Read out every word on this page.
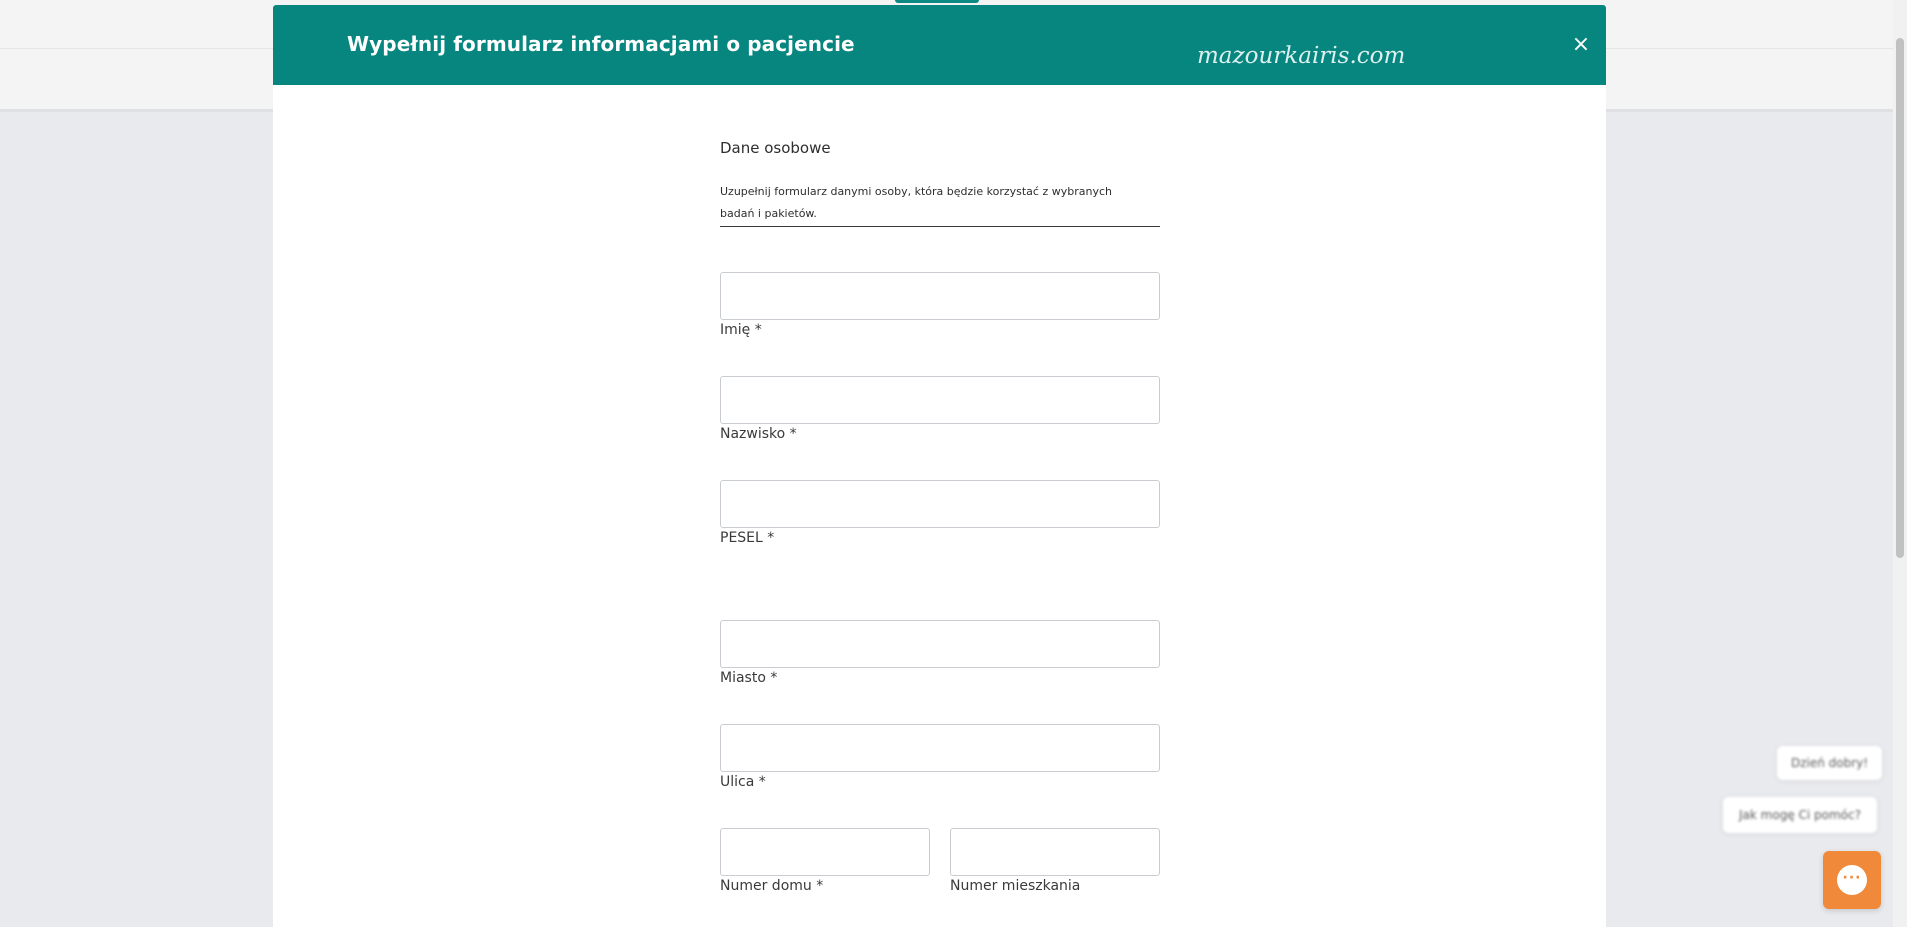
Wypełnij formularz informacjami o pacjencie	mazourkairis.com	×
Dane osobowe
Uzupełnij formularz danymi osoby, która będzie korzystać z wybranych badań i pakietów.
Imię *
Nazwisko *
PESEL *
Miasto *
Ulica *
Numer domu *	Numer mieszkania
Dzień dobry!
Jak mogę Ci pomóc?
···
